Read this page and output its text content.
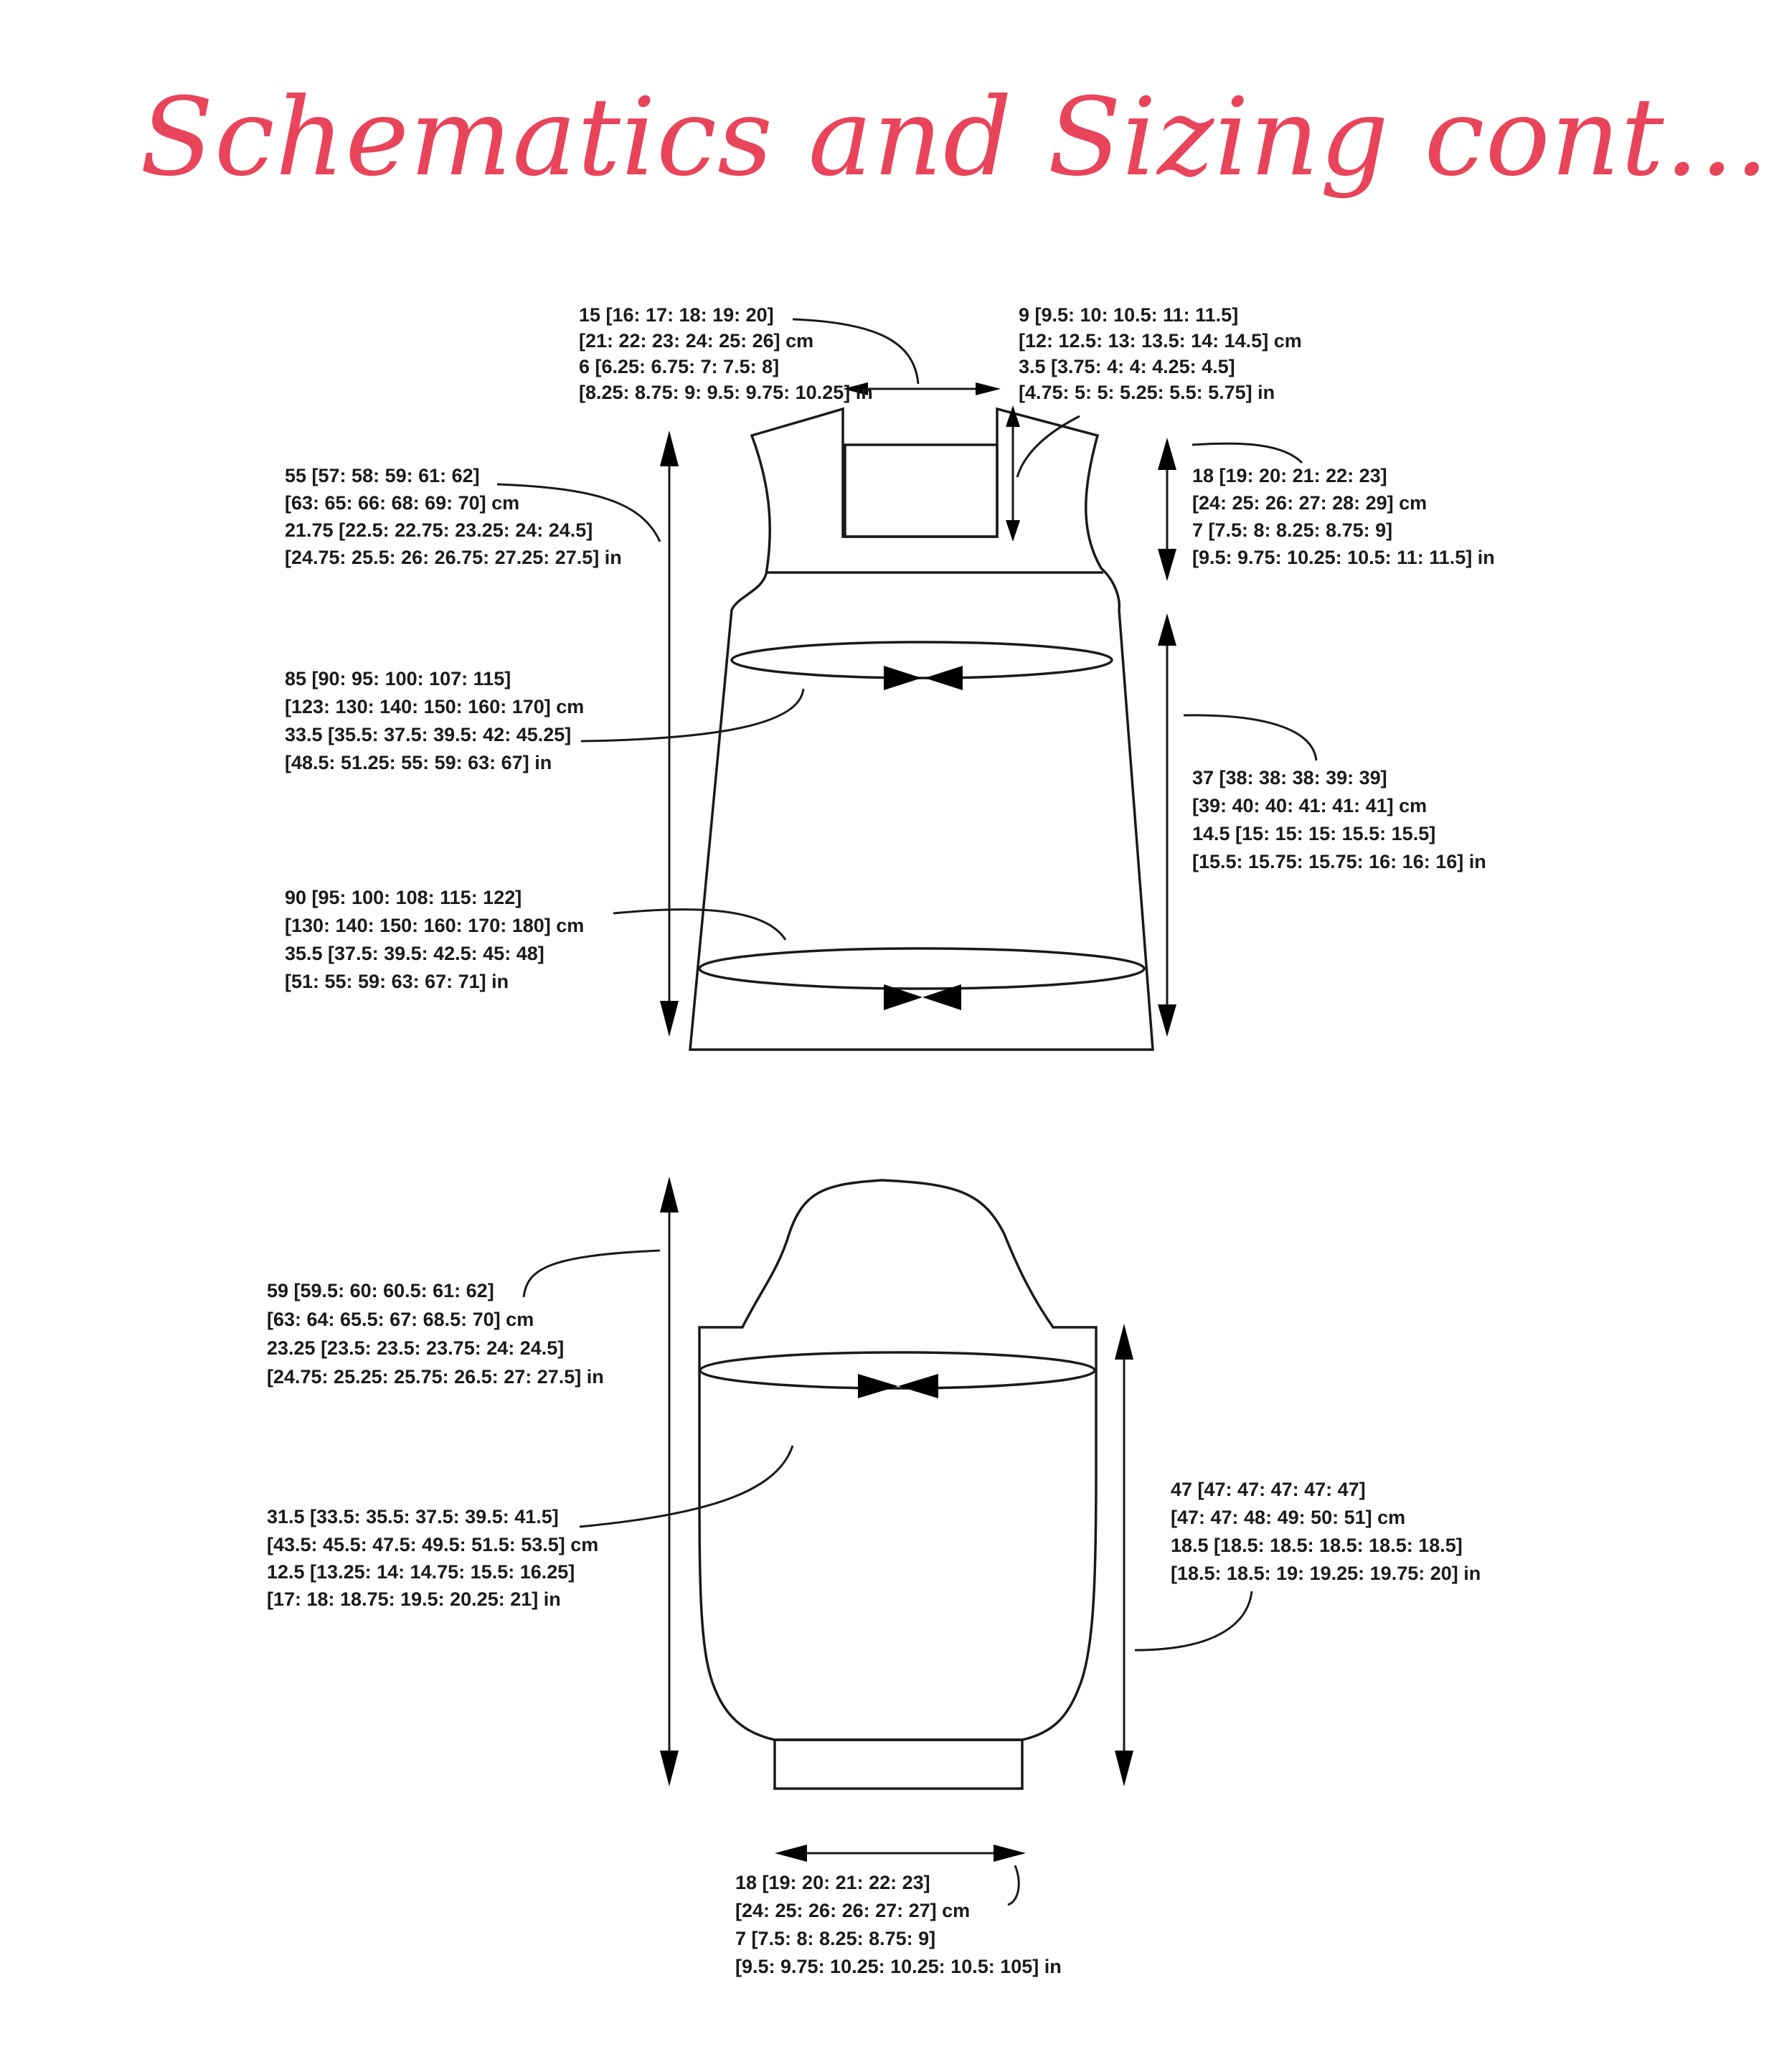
Schematics and Sizing cont...
15 [16: 17: 18: 19: 20]
[21: 22: 23: 24: 25: 26] cm
6 [6.25: 6.75: 7: 7.5: 8]
[8.25: 8.75: 9: 9.5: 9.75: 10.25] in
9 [9.5: 10: 10.5: 11: 11.5]
[12: 12.5: 13: 13.5: 14: 14.5] cm
3.5 [3.75: 4: 4: 4.25: 4.5]
[4.75: 5: 5: 5.25: 5.5: 5.75] in
55 [57: 58: 59: 61: 62]
[63: 65: 66: 68: 69: 70] cm
21.75 [22.5: 22.75: 23.25: 24: 24.5]
[24.75: 25.5: 26: 26.75: 27.25: 27.5] in
18 [19: 20: 21: 22: 23]
[24: 25: 26: 27: 28: 29] cm
7 [7.5: 8: 8.25: 8.75: 9]
[9.5: 9.75: 10.25: 10.5: 11: 11.5] in
85 [90: 95: 100: 107: 115]
[123: 130: 140: 150: 160: 170] cm
33.5 [35.5: 37.5: 39.5: 42: 45.25]
[48.5: 51.25: 55: 59: 63: 67] in
37 [38: 38: 38: 39: 39]
[39: 40: 40: 41: 41: 41] cm
14.5 [15: 15: 15: 15.5: 15.5]
[15.5: 15.75: 15.75: 16: 16: 16] in
90 [95: 100: 108: 115: 122]
[130: 140: 150: 160: 170: 180] cm
35.5 [37.5: 39.5: 42.5: 45: 48]
[51: 55: 59: 63: 67: 71] in
59 [59.5: 60: 60.5: 61: 62]
[63: 64: 65.5: 67: 68.5: 70] cm
23.25 [23.5: 23.5: 23.75: 24: 24.5]
[24.75: 25.25: 25.75: 26.5: 27: 27.5] in
31.5 [33.5: 35.5: 37.5: 39.5: 41.5]
[43.5: 45.5: 47.5: 49.5: 51.5: 53.5] cm
12.5 [13.25: 14: 14.75: 15.5: 16.25]
[17: 18: 18.75: 19.5: 20.25: 21] in
47 [47: 47: 47: 47: 47]
[47: 47: 48: 49: 50: 51] cm
18.5 [18.5: 18.5: 18.5: 18.5: 18.5]
[18.5: 18.5: 19: 19.25: 19.75: 20] in
18 [19: 20: 21: 22: 23]
[24: 25: 26: 26: 27: 27] cm
7 [7.5: 8: 8.25: 8.75: 9]
[9.5: 9.75: 10.25: 10.25: 10.5: 105] in
